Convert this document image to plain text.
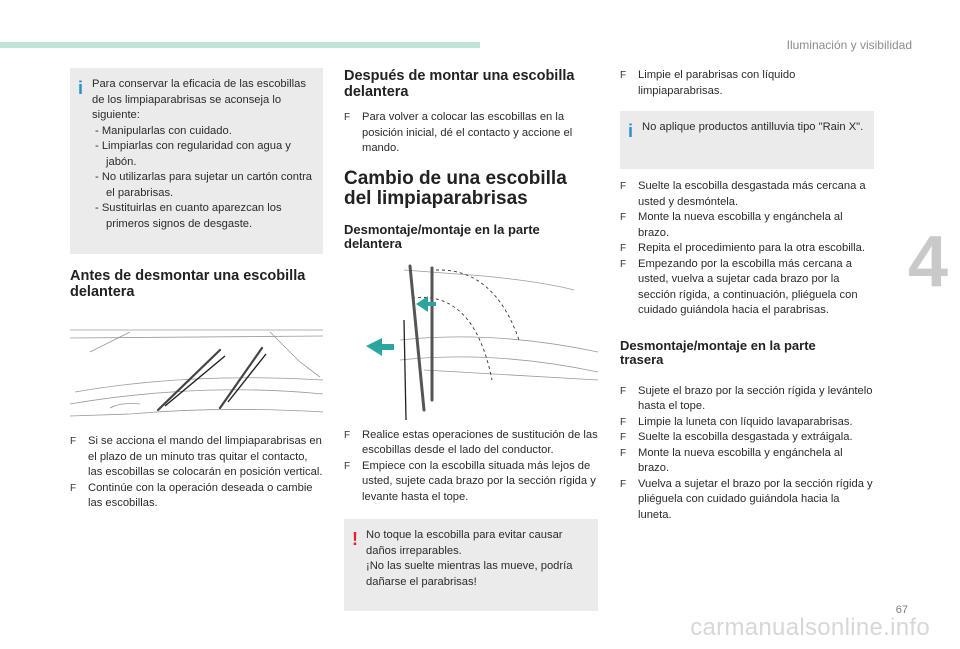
Iluminación y visibilidad
4
67
carmanualsonline.info
i Para conservar la eficacia de las escobillas de los limpiaparabrisas se aconseja lo siguiente:

- Manipularlas con cuidado.

- Limpiarlas con regularidad con agua y jabón.

- No utilizarlas para sujetar un cartón contra el parabrisas.

- Sustituirlas en cuanto aparezcan los primeros signos de desgaste.

Antes de desmontar una escobilla delantera

F Si se acciona el mando del limpiaparabrisas en el plazo de un minuto tras quitar el contacto, las escobillas se colocarán en posición vertical.

F Continúe con la operación deseada o cambie las escobillas.

Después de montar una escobilla delantera

F Para volver a colocar las escobillas en la posición inicial, dé el contacto y accione el mando.

Cambio de una escobilla del limpiaparabrisas
Desmontaje/montaje en la parte delantera

F Realice estas operaciones de sustitución de las escobillas desde el lado del conductor.

F Empiece con la escobilla situada más lejos de usted, sujete cada brazo por la sección rígida y levante hasta el tope.

! No toque la escobilla para evitar causar daños irreparables.

¡No las suelte mientras las mueve, podría dañarse el parabrisas!

F Limpie el parabrisas con líquido limpiaparabrisas.

i No aplique productos antilluvia tipo "Rain X".

F Suelte la escobilla desgastada más cercana a usted y desmóntela.

F Monte la nueva escobilla y engánchela al brazo.

F Repita el procedimiento para la otra escobilla.

F Empezando por la escobilla más cercana a usted, vuelva a sujetar cada brazo por la sección rígida, a continuación, pliéguela con cuidado guiándola hacia el parabrisas.

Desmontaje/montaje en la parte trasera

F Sujete el brazo por la sección rígida y levántelo hasta el tope.

F Limpie la luneta con líquido lavaparabrisas.

F Suelte la escobilla desgastada y extráigala.

F Monte la nueva escobilla y engánchela al brazo.

F Vuelva a sujetar el brazo por la sección rígida y pliéguela con cuidado guiándola hacia la luneta.
